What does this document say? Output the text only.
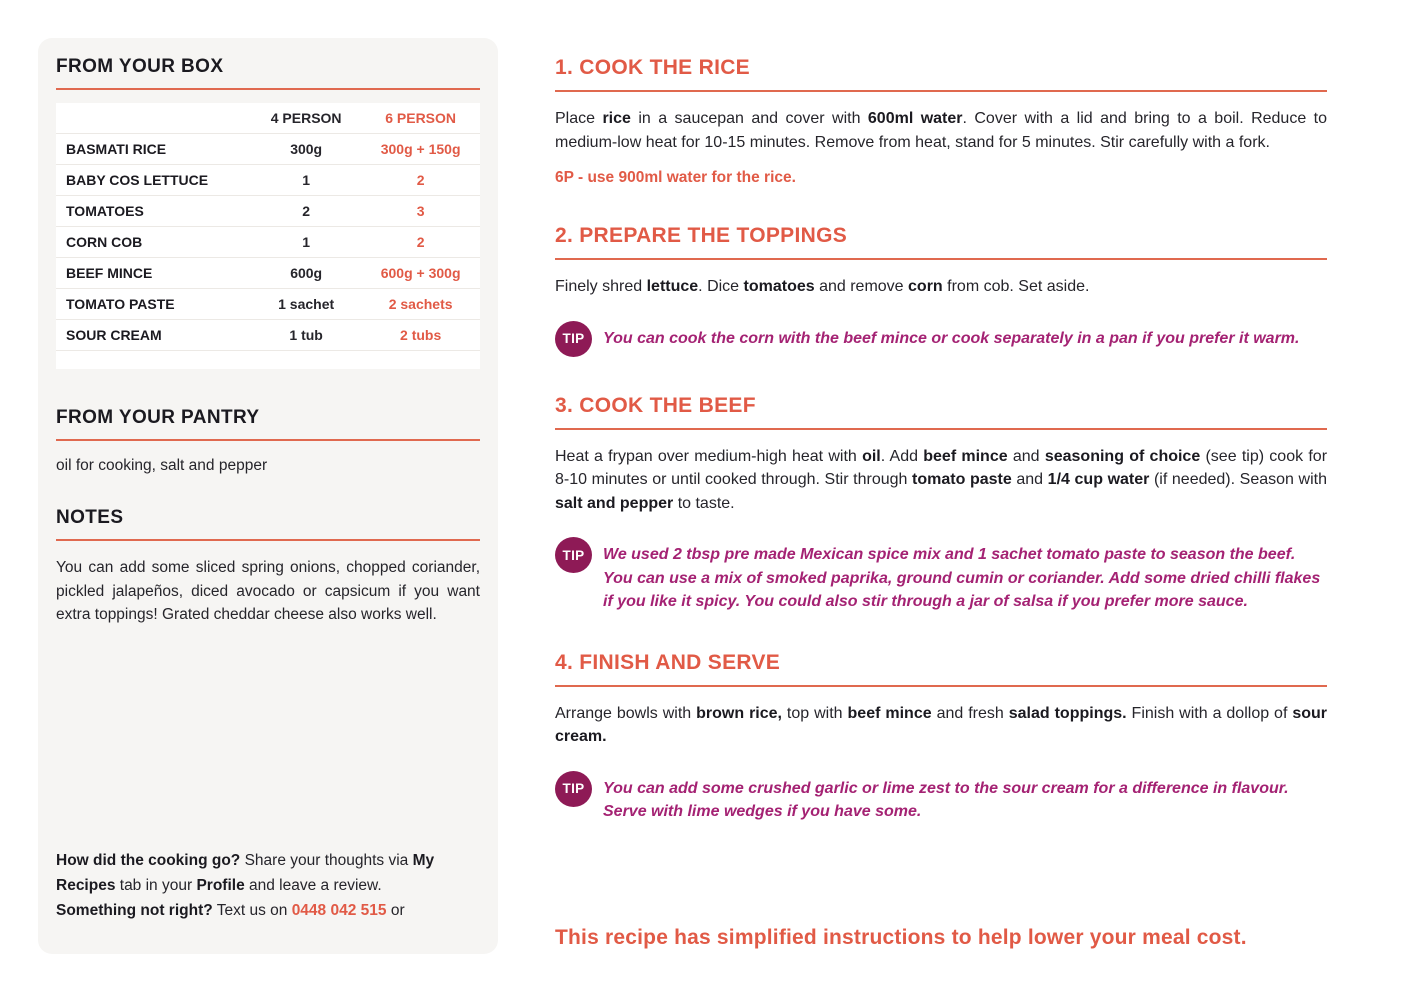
FROM YOUR BOX
	4 PERSON	6 PERSON
BASMATI RICE	300g	300g + 150g
BABY COS LETTUCE	1	2
TOMATOES	2	3
CORN COB	1	2
BEEF MINCE	600g	600g + 300g
TOMATO PASTE	1 sachet	2 sachets
SOUR CREAM	1 tub	2 tubs
FROM YOUR PANTRY

oil for cooking, salt and pepper

NOTES

You can add some sliced spring onions, chopped coriander, pickled jalapeños, diced avocado or capsicum if you want extra toppings! Grated cheddar cheese also works well.

How did the cooking go? Share your thoughts via My Recipes tab in your Profile and leave a review.
Something not right? Text us on 0448 042 515 or

1. COOK THE RICE

Place rice in a saucepan and cover with 600ml water. Cover with a lid and bring to a boil. Reduce to medium-low heat for 10-15 minutes. Remove from heat, stand for 5 minutes. Stir carefully with a fork.

6P - use 900ml water for the rice.
2. PREPARE THE TOPPINGS

Finely shred lettuce. Dice tomatoes and remove corn from cob. Set aside.

TIP	You can cook the corn with the beef mince or cook separately in a pan if you prefer it warm.
3. COOK THE BEEF

Heat a frypan over medium-high heat with oil. Add beef mince and seasoning of choice (see tip) cook for 8-10 minutes or until cooked through. Stir through tomato paste and 1/4 cup water (if needed). Season with salt and pepper to taste.

TIP	We used 2 tbsp pre made Mexican spice mix and 1 sachet tomato paste to season the beef. You can use a mix of smoked paprika, ground cumin or coriander. Add some dried chilli flakes if you like it spicy. You could also stir through a jar of salsa if you prefer more sauce.
4. FINISH AND SERVE

Arrange bowls with brown rice, top with beef mince and fresh salad toppings. Finish with a dollop of sour cream.

TIP	You can add some crushed garlic or lime zest to the sour cream for a difference in flavour. Serve with lime wedges if you have some.
This recipe has simplified instructions to help lower your meal cost.
